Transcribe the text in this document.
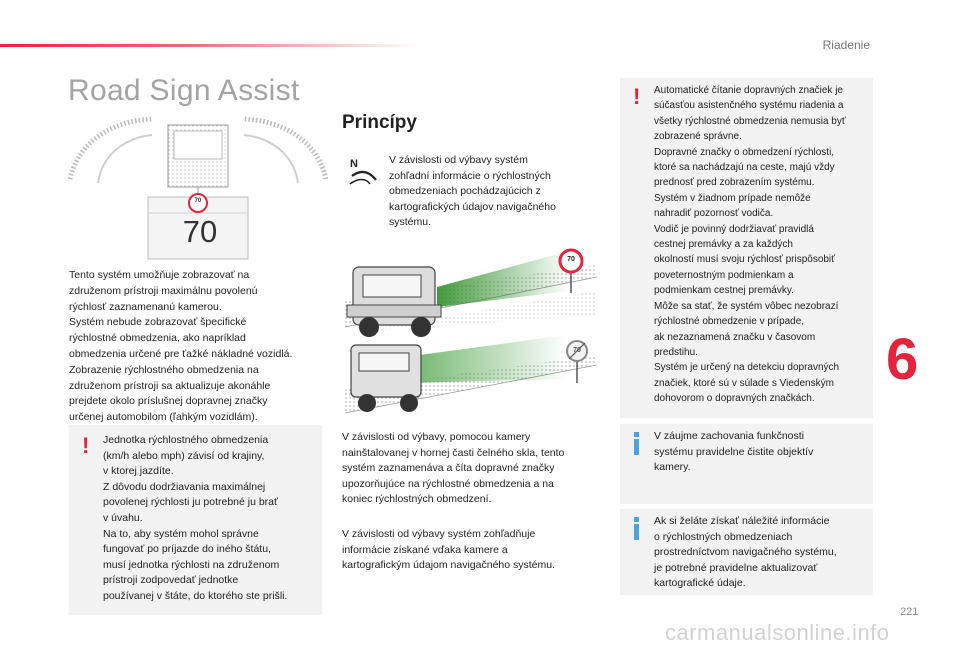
Riadenie
Road Sign Assist
70
70
Tento systém umožňuje zobrazovať na
združenom prístroji maximálnu povolenú
rýchlosť zaznamenanú kamerou.
Systém nebude zobrazovať špecifické
rýchlostné obmedzenia, ako napríklad
obmedzenia určené pre ťažké nákladné vozidlá.
Zobrazenie rýchlostného obmedzenia na
združenom prístroji sa aktualizuje akonáhle
prejdete okolo príslušnej dopravnej značky
určenej automobilom (ľahkým vozidlám).
! Jednotka rýchlostného obmedzenia
(km/h alebo mph) závisí od krajiny,
v ktorej jazdíte.
Z dôvodu dodržiavania maximálnej
povolenej rýchlosti ju potrebné ju brať
v úvahu.
Na to, aby systém mohol správne
fungovať po príjazde do iného štátu,
musí jednotka rýchlosti na združenom
prístroji zodpovedať jednotke
používanej v štáte, do ktorého ste prišli.
Princípy
N	V závislosti od výbavy systém
zohľadní informácie o rýchlostných
obmedzeniach pochádzajúcich z
kartografických údajov navigačného
systému.
70
70
V závislosti od výbavy, pomocou kamery
nainštalovanej v hornej časti čelného skla, tento
systém zaznamenáva a číta dopravné značky
upozorňujúce na rýchlostné obmedzenia a na
koniec rýchlostných obmedzení.
V závislosti od výbavy systém zohľadňuje
informácie získané vďaka kamere a
kartografickým údajom navigačného systému.
! Automatické čítanie dopravných značiek je
súčasťou asistenčného systému riadenia a
všetky rýchlostné obmedzenia nemusia byť
zobrazené správne.
Dopravné značky o obmedzení rýchlosti,
ktoré sa nachádzajú na ceste, majú vždy
prednosť pred zobrazením systému.
Systém v žiadnom prípade nemôže
nahradiť pozornosť vodiča.
Vodič je povinný dodržiavať pravidlá
cestnej premávky a za každých
okolností musí svoju rýchlosť prispôsobiť
poveternostným podmienkam a
podmienkam cestnej premávky.
Môže sa stať, že systém vôbec nezobrazí
rýchlostné obmedzenie v prípade,
ak nezaznamená značku v časovom
predstihu.
Systém je určený na detekciu dopravných
značiek, ktoré sú v súlade s Viedenským
dohovorom o dopravných značkách.
V záujme zachovania funkčnosti
systému pravidelne čistite objektív
kamery.
Ak si želáte získať náležité informácie
o rýchlostných obmedzeniach
prostredníctvom navigačného systému,
je potrebné pravidelne aktualizovať
kartografické údaje.
6
221
carmanualsonline.info
